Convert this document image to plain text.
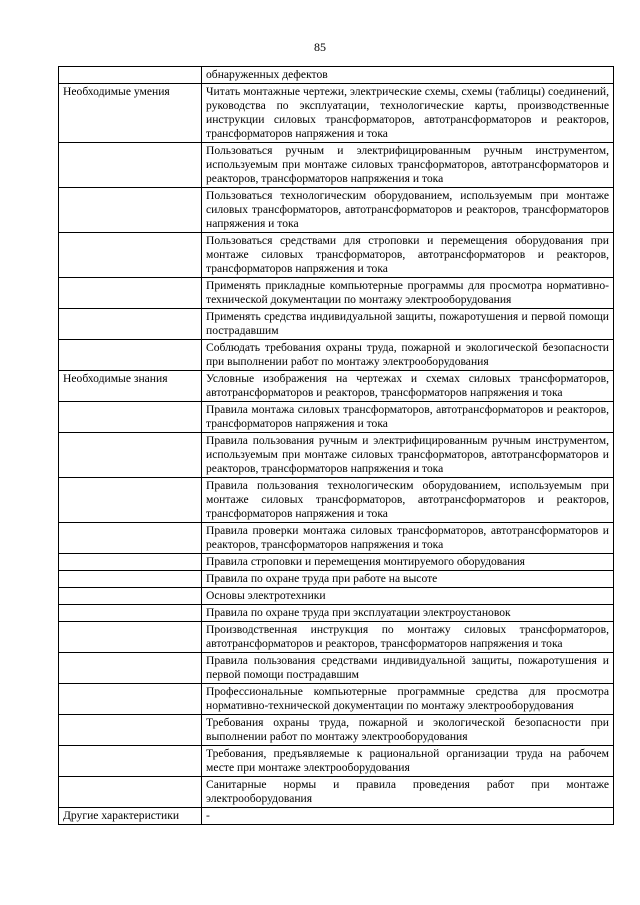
85
	обнаруженных дефектов
Необходимые умения	Читать монтажные чертежи, электрические схемы, схемы (таблицы) соединений, руководства по эксплуатации, технологические карты, производственные инструкции силовых трансформаторов, автотрансформаторов и реакторов, трансформаторов напряжения и тока
	Пользоваться ручным и электрифицированным ручным инструментом, используемым при монтаже силовых трансформаторов, автотрансформаторов и реакторов, трансформаторов напряжения и тока
	Пользоваться технологическим оборудованием, используемым при монтаже силовых трансформаторов, автотрансформаторов и реакторов, трансформаторов напряжения и тока
	Пользоваться средствами для строповки и перемещения оборудования при монтаже силовых трансформаторов, автотрансформаторов и реакторов, трансформаторов напряжения и тока
	Применять прикладные компьютерные программы для просмотра нормативно-технической документации по монтажу электрооборудования
	Применять средства индивидуальной защиты, пожаротушения и первой помощи пострадавшим
	Соблюдать требования охраны труда, пожарной и экологической безопасности при выполнении работ по монтажу электрооборудования
Необходимые знания	Условные изображения на чертежах и схемах силовых трансформаторов, автотрансформаторов и реакторов, трансформаторов напряжения и тока
	Правила монтажа силовых трансформаторов, автотрансформаторов и реакторов, трансформаторов напряжения и тока
	Правила пользования ручным и электрифицированным ручным инструментом, используемым при монтаже силовых трансформаторов, автотрансформаторов и реакторов, трансформаторов напряжения и тока
	Правила пользования технологическим оборудованием, используемым при монтаже силовых трансформаторов, автотрансформаторов и реакторов, трансформаторов напряжения и тока
	Правила проверки монтажа силовых трансформаторов, автотрансформаторов и реакторов, трансформаторов напряжения и тока
	Правила строповки и перемещения монтируемого оборудования
	Правила по охране труда при работе на высоте
	Основы электротехники
	Правила по охране труда при эксплуатации электроустановок
	Производственная инструкция по монтажу силовых трансформаторов, автотрансформаторов и реакторов, трансформаторов напряжения и тока
	Правила пользования средствами индивидуальной защиты, пожаротушения и первой помощи пострадавшим
	Профессиональные компьютерные программные средства для просмотра нормативно-технической документации по монтажу электрооборудования
	Требования охраны труда, пожарной и экологической безопасности при выполнении работ по монтажу электрооборудования
	Требования, предъявляемые к рациональной организации труда на рабочем месте при монтаже электрооборудования
	Санитарные нормы и правила проведения работ при монтаже электрооборудования
Другие характеристики	-
